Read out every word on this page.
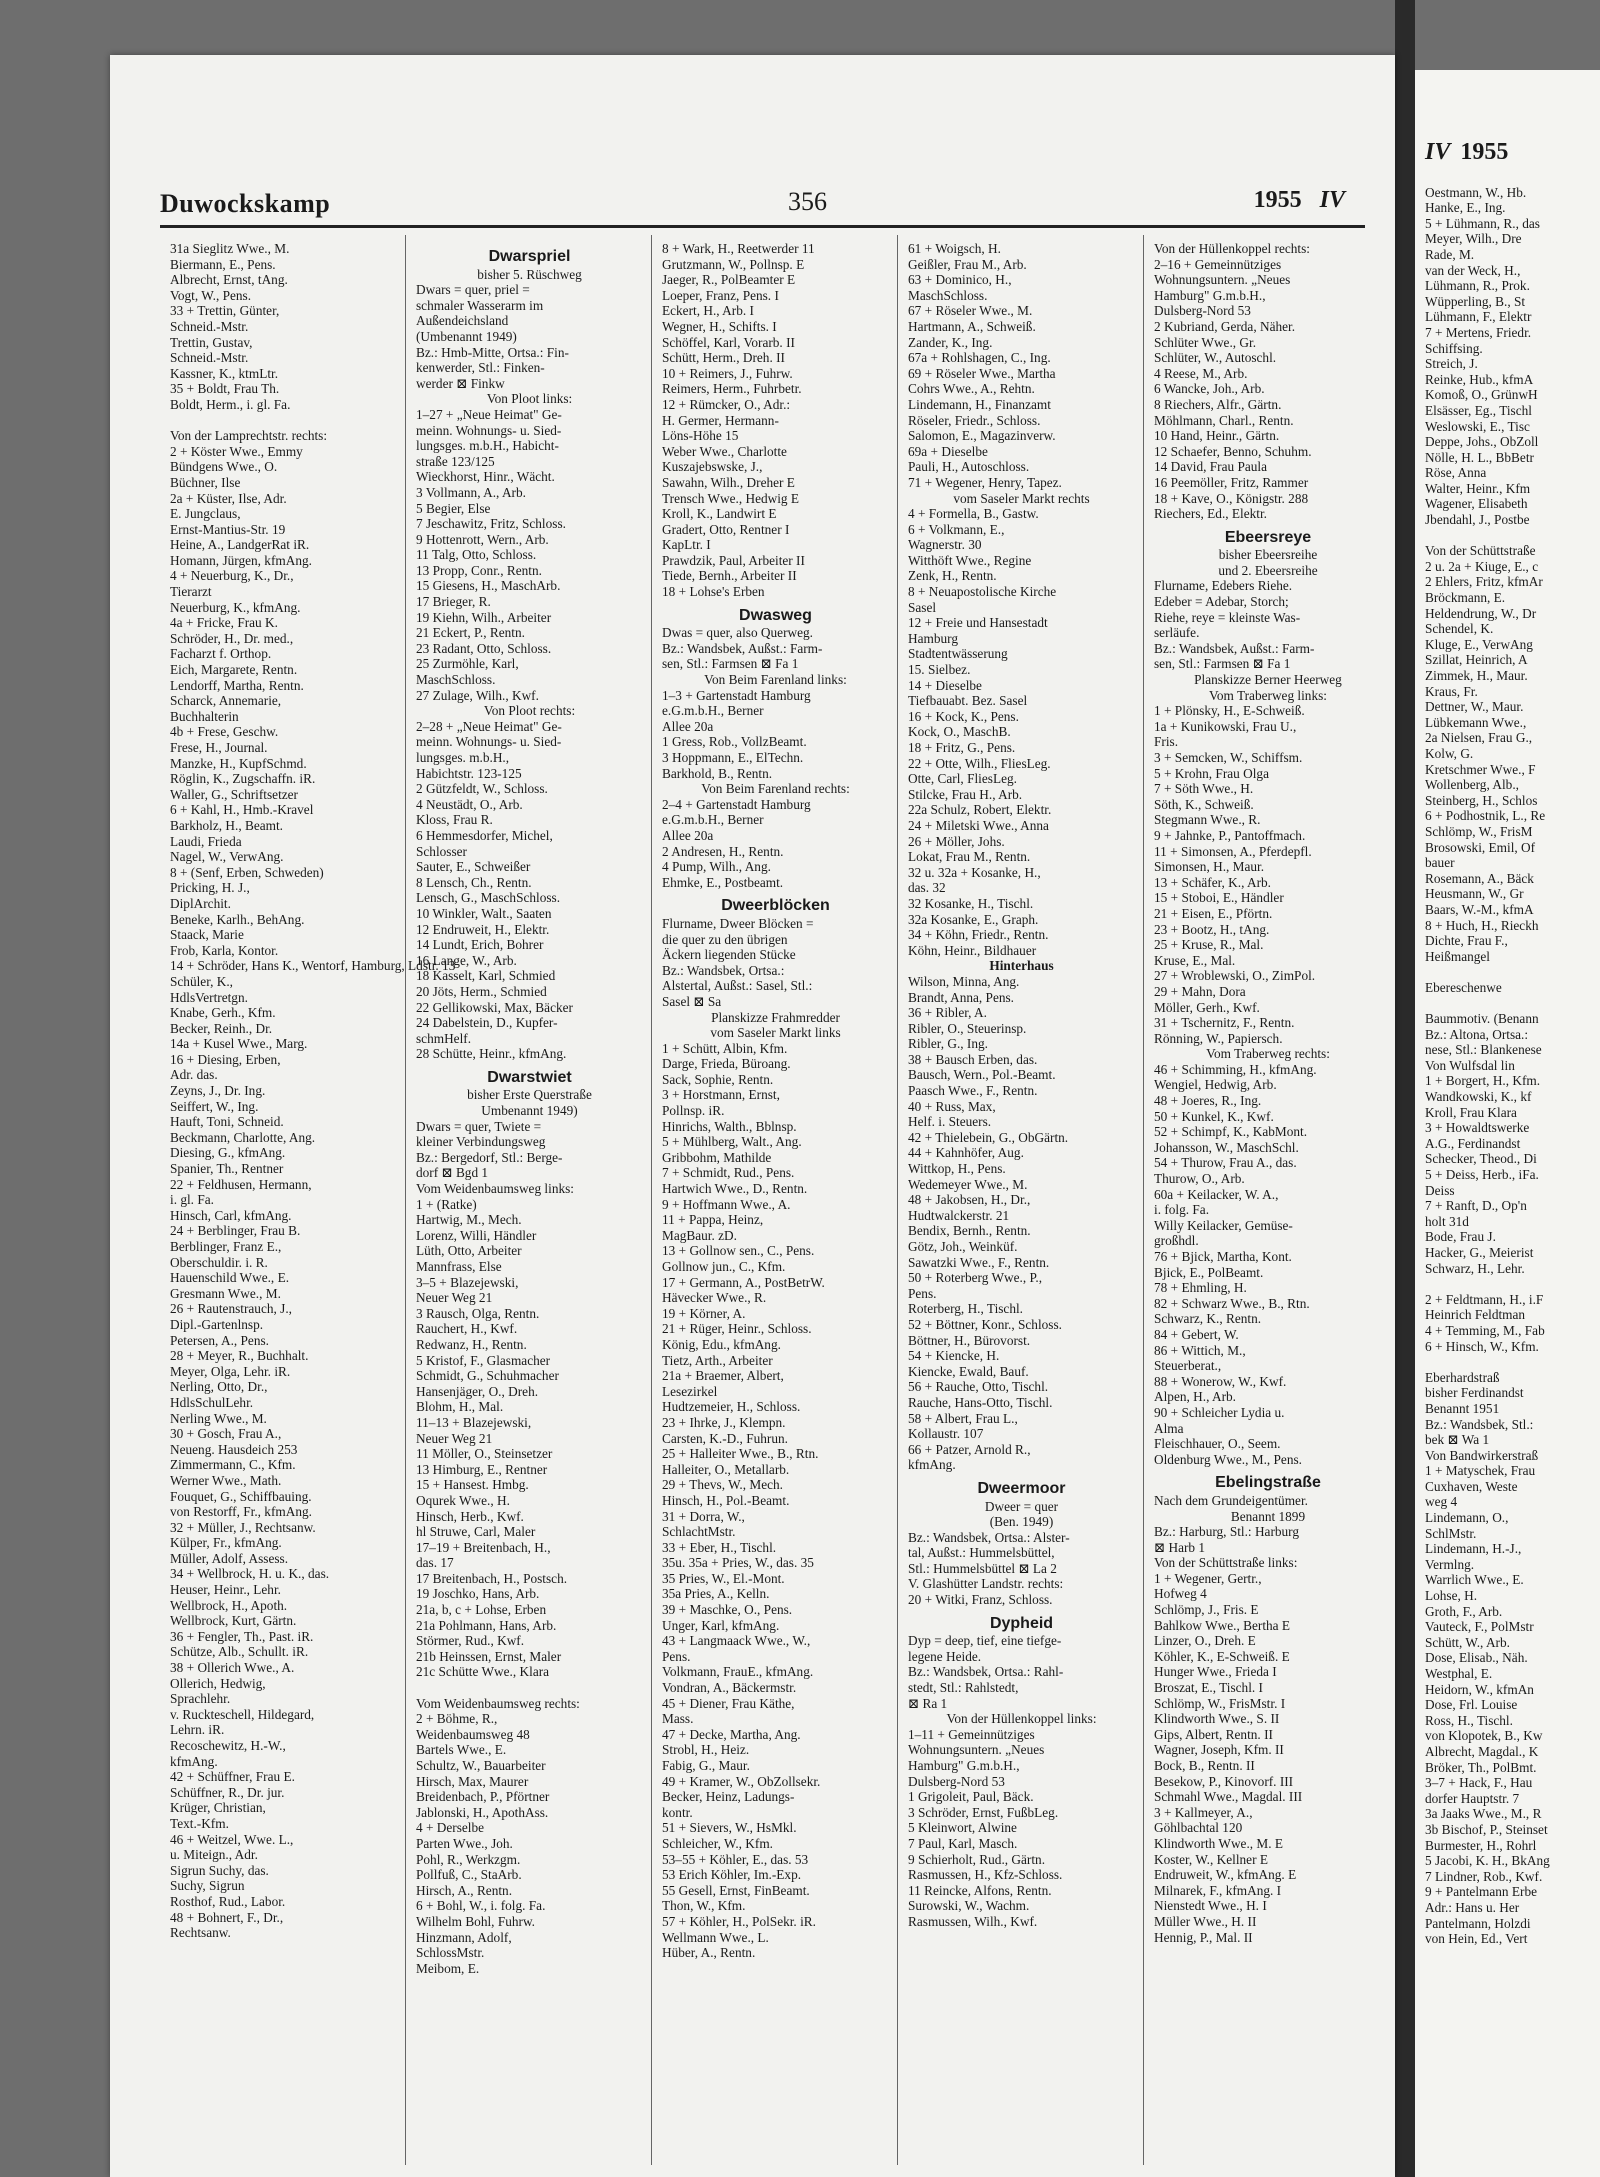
Duwockskamp	356	1955 IV
31a Sieglitz Wwe., M.
Biermann, E., Pens.
Albrecht, Ernst, tAng.
Vogt, W., Pens.
33 + Trettin, Günter,
Schneid.-Mstr.
Trettin, Gustav,
Schneid.-Mstr.
Kassner, K., ktmLtr.
35 + Boldt, Frau Th.
Boldt, Herm., i. gl. Fa.

Von der Lamprechtstr. rechts:
2 + Köster Wwe., Emmy
Bündgens Wwe., O.
Büchner, Ilse
2a + Küster, Ilse, Adr.
E. Jungclaus,
Ernst-Mantius-Str. 19
Heine, A., LandgerRat iR.
Homann, Jürgen, kfmAng.
4 + Neuerburg, K., Dr.,
Tierarzt
Neuerburg, K., kfmAng.
4a + Fricke, Frau K.
Schröder, H., Dr. med.,
Facharzt f. Orthop.
Eich, Margarete, Rentn.
Lendorff, Martha, Rentn.
Scharck, Annemarie,
Buchhalterin
4b + Frese, Geschw.
Frese, H., Journal.
Manzke, H., KupfSchmd.
Röglin, K., Zugschaffn. iR.
Waller, G., Schriftsetzer
6 + Kahl, H., Hmb.-Kravel
Barkholz, H., Beamt.
Laudi, Frieda
Nagel, W., VerwAng.
8 + (Senf, Erben, Schweden)
Pricking, H. J.,
DiplArchit.
Beneke, Karlh., BehAng.
Staack, Marie
Frob, Karla, Kontor.
14 + Schröder, Hans K., Wentorf, Hamburg, Ldstr. 13
Schüler, K.,
HdlsVertretgn.
Knabe, Gerh., Kfm.
Becker, Reinh., Dr.
14a + Kusel Wwe., Marg.
16 + Diesing, Erben,
Adr. das.
Zeyns, J., Dr. Ing.
Seiffert, W., Ing.
Hauft, Toni, Schneid.
Beckmann, Charlotte, Ang.
Diesing, G., kfmAng.
Spanier, Th., Rentner
22 + Feldhusen, Hermann,
i. gl. Fa.
Hinsch, Carl, kfmAng.
24 + Berblinger, Frau B.
Berblinger, Franz E.,
Oberschuldir. i. R.
Hauenschild Wwe., E.
Gresmann Wwe., M.
26 + Rautenstrauch, J.,
Dipl.-Gartenlnsp.
Petersen, A., Pens.
28 + Meyer, R., Buchhalt.
Meyer, Olga, Lehr. iR.
Nerling, Otto, Dr.,
HdlsSchulLehr.
Nerling Wwe., M.
30 + Gosch, Frau A.,
Neueng. Hausdeich 253
Zimmermann, C., Kfm.
Werner Wwe., Math.
Fouquet, G., Schiffbauing.
von Restorff, Fr., kfmAng.
32 + Müller, J., Rechtsanw.
Külper, Fr., kfmAng.
Müller, Adolf, Assess.
34 + Wellbrock, H. u. K., das.
Heuser, Heinr., Lehr.
Wellbrock, H., Apoth.
Wellbrock, Kurt, Gärtn.
36 + Fengler, Th., Past. iR.
Schütze, Alb., Schullt. iR.
38 + Ollerich Wwe., A.
Ollerich, Hedwig,
Sprachlehr.
v. Ruckteschell, Hildegard,
Lehrn. iR.
Recoschewitz, H.-W.,
kfmAng.
42 + Schüffner, Frau E.
Schüffner, R., Dr. jur.
Krüger, Christian,
Text.-Kfm.
46 + Weitzel, Wwe. L.,
u. Miteign., Adr.
Sigrun Suchy, das.
Suchy, Sigrun
Rosthof, Rud., Labor.
48 + Bohnert, F., Dr.,
Rechtsanw.
Dwarspriel
bisher 5. Rüschweg
Dwars = quer, priel =
schmaler Wasserarm im
Außendeichsland
(Umbenannt 1949)
Bz.: Hmb-Mitte, Ortsa.: Fin-
kenwerder, Stl.: Finken-
werder ⊠ Finkw
Von Ploot links:
1–27 + „Neue Heimat" Ge-
meinn. Wohnungs- u. Sied-
lungsges. m.b.H., Habicht-
straße 123/125
Wieckhorst, Hinr., Wächt.
3 Vollmann, A., Arb.
5 Begier, Else
7 Jeschawitz, Fritz, Schloss.
9 Hottenrott, Wern., Arb.
11 Talg, Otto, Schloss.
13 Propp, Conr., Rentn.
15 Giesens, H., MaschArb.
17 Brieger, R.
19 Kiehn, Wilh., Arbeiter
21 Eckert, P., Rentn.
23 Radant, Otto, Schloss.
25 Zurmöhle, Karl,
MaschSchloss.
27 Zulage, Wilh., Kwf.
Von Ploot rechts:
2–28 + „Neue Heimat" Ge-
meinn. Wohnungs- u. Sied-
lungsges. m.b.H.,
Habichtstr. 123-125
2 Gützfeldt, W., Schloss.
4 Neustädt, O., Arb.
Kloss, Frau R.
6 Hemmesdorfer, Michel,
Schlosser
Sauter, E., Schweißer
8 Lensch, Ch., Rentn.
Lensch, G., MaschSchloss.
10 Winkler, Walt., Saaten
12 Endruweit, H., Elektr.
14 Lundt, Erich, Bohrer
16 Lange, W., Arb.
18 Kasselt, Karl, Schmied
20 Jöts, Herm., Schmied
22 Gellikowski, Max, Bäcker
24 Dabelstein, D., Kupfer-
schmHelf.
28 Schütte, Heinr., kfmAng.
Dwarstwiet
bisher Erste Querstraße
Umbenannt 1949)
Dwars = quer, Twiete =
kleiner Verbindungsweg
Bz.: Bergedorf, Stl.: Berge-
dorf ⊠ Bgd 1
Vom Weidenbaumsweg links:
1 + (Ratke)
Hartwig, M., Mech.
Lorenz, Willi, Händler
Lüth, Otto, Arbeiter
Mannfrass, Else
3–5 + Blazejewski,
Neuer Weg 21
3 Rausch, Olga, Rentn.
Rauchert, H., Kwf.
Redwanz, H., Rentn.
5 Kristof, F., Glasmacher
Schmidt, G., Schuhmacher
Hansenjäger, O., Dreh.
Blohm, H., Mal.
11–13 + Blazejewski,
Neuer Weg 21
11 Möller, O., Steinsetzer
13 Himburg, E., Rentner
15 + Hansest. Hmbg.
Oqurek Wwe., H.
Hinsch, Herb., Kwf.
hl Struwe, Carl, Maler
17–19 + Breitenbach, H.,
das. 17
17 Breitenbach, H., Postsch.
19 Joschko, Hans, Arb.
21a, b, c + Lohse, Erben
21a Pohlmann, Hans, Arb.
Störmer, Rud., Kwf.
21b Heinssen, Ernst, Maler
21c Schütte Wwe., Klara

Vom Weidenbaumsweg rechts:
2 + Böhme, R.,
Weidenbaumsweg 48
Bartels Wwe., E.
Schultz, W., Bauarbeiter
Hirsch, Max, Maurer
Breidenbach, P., Pförtner
Jablonski, H., ApothAss.
4 + Derselbe
Parten Wwe., Joh.
Pohl, R., Werkzgm.
Pollfuß, C., StaArb.
Hirsch, A., Rentn.
6 + Bohl, W., i. folg. Fa.
Wilhelm Bohl, Fuhrw.
Hinzmann, Adolf,
SchlossMstr.
Meibom, E.
8 + Wark, H., Reetwerder 11
Grutzmann, W., Pollnsp. E
Jaeger, R., PolBeamter E
Loeper, Franz, Pens. I
Eckert, H., Arb. I
Wegner, H., Schifts. I
Schöffel, Karl, Vorarb. II
Schütt, Herm., Dreh. II
10 + Reimers, J., Fuhrw.
Reimers, Herm., Fuhrbetr.
12 + Rümcker, O., Adr.:
H. Germer, Hermann-
Löns-Höhe 15
Weber Wwe., Charlotte
Kuszajebswske, J.,
Sawahn, Wilh., Dreher E
Trensch Wwe., Hedwig E
Kroll, K., Landwirt E
Gradert, Otto, Rentner I
KapLtr. I
Prawdzik, Paul, Arbeiter II
Tiede, Bernh., Arbeiter II
18 + Lohse's Erben
Dwasweg
Dwas = quer, also Querweg.
Bz.: Wandsbek, Außst.: Farm-
sen, Stl.: Farmsen ⊠ Fa 1
Von Beim Farenland links:
1–3 + Gartenstadt Hamburg
e.G.m.b.H., Berner
Allee 20a
1 Gress, Rob., VollzBeamt.
3 Hoppmann, E., ElTechn.
Barkhold, B., Rentn.
Von Beim Farenland rechts:
2–4 + Gartenstadt Hamburg
e.G.m.b.H., Berner
Allee 20a
2 Andresen, H., Rentn.
4 Pump, Wilh., Ang.
Ehmke, E., Postbeamt.
Dweerblöcken
Flurname, Dweer Blöcken =
die quer zu den übrigen
Äckern liegenden Stücke
Bz.: Wandsbek, Ortsa.:
Alstertal, Außst.: Sasel, Stl.:
Sasel ⊠ Sa
Planskizze Frahmredder
vom Saseler Markt links
1 + Schütt, Albin, Kfm.
Darge, Frieda, Büroang.
Sack, Sophie, Rentn.
3 + Horstmann, Ernst,
Pollnsp. iR.
Hinrichs, Walth., Bblnsp.
5 + Mühlberg, Walt., Ang.
Gribbohm, Mathilde
7 + Schmidt, Rud., Pens.
Hartwich Wwe., D., Rentn.
9 + Hoffmann Wwe., A.
11 + Pappa, Heinz,
MagBaur. zD.
13 + Gollnow sen., C., Pens.
Gollnow jun., C., Kfm.
17 + Germann, A., PostBetrW.
Hävecker Wwe., R.
19 + Körner, A.
21 + Rüger, Heinr., Schloss.
König, Edu., kfmAng.
Tietz, Arth., Arbeiter
21a + Braemer, Albert,
Lesezirkel
Hudtzemeier, H., Schloss.
23 + Ihrke, J., Klempn.
Carsten, K.-D., Fuhrun.
25 + Halleiter Wwe., B., Rtn.
Halleiter, O., Metallarb.
29 + Thevs, W., Mech.
Hinsch, H., Pol.-Beamt.
31 + Dorra, W.,
SchlachtMstr.
33 + Eber, H., Tischl.
35u. 35a + Pries, W., das. 35
35 Pries, W., El.-Mont.
35a Pries, A., Kelln.
39 + Maschke, O., Pens.
Unger, Karl, kfmAng.
43 + Langmaack Wwe., W.,
Pens.
Volkmann, FrauE., kfmAng.
Vondran, A., Bäckermstr.
45 + Diener, Frau Käthe,
Mass.
47 + Decke, Martha, Ang.
Strobl, H., Heiz.
Fabig, G., Maur.
49 + Kramer, W., ObZollsekr.
Becker, Heinz, Ladungs-
kontr.
51 + Sievers, W., HsMkl.
Schleicher, W., Kfm.
53–55 + Köhler, E., das. 53
53 Erich Köhler, Im.-Exp.
55 Gesell, Ernst, FinBeamt.
Thon, W., Kfm.
57 + Köhler, H., PolSekr. iR.
Wellmann Wwe., L.
Hüber, A., Rentn.
61 + Woigsch, H.
Geißler, Frau M., Arb.
63 + Dominico, H.,
MaschSchloss.
67 + Röseler Wwe., M.
Hartmann, A., Schweiß.
Zander, K., Ing.
67a + Rohlshagen, C., Ing.
69 + Röseler Wwe., Martha
Cohrs Wwe., A., Rehtn.
Lindemann, H., Finanzamt
Röseler, Friedr., Schloss.
Salomon, E., Magazinverw.
69a + Dieselbe
Pauli, H., Autoschloss.
71 + Wegener, Henry, Tapez.
vom Saseler Markt rechts
4 + Formella, B., Gastw.
6 + Volkmann, E.,
Wagnerstr. 30
Witthöft Wwe., Regine
Zenk, H., Rentn.
8 + Neuapostolische Kirche
Sasel
12 + Freie und Hansestadt
Hamburg
Stadtentwässerung
15. Sielbez.
14 + Dieselbe
Tiefbauabt. Bez. Sasel
16 + Kock, K., Pens.
Kock, O., MaschB.
18 + Fritz, G., Pens.
22 + Otte, Wilh., FliesLeg.
Otte, Carl, FliesLeg.
Stilcke, Frau H., Arb.
22a Schulz, Robert, Elektr.
24 + Miletski Wwe., Anna
26 + Möller, Johs.
Lokat, Frau M., Rentn.
32 u. 32a + Kosanke, H.,
das. 32
32 Kosanke, H., Tischl.
32a Kosanke, E., Graph.
34 + Köhn, Friedr., Rentn.
Köhn, Heinr., Bildhauer
Hinterhaus
Wilson, Minna, Ang.
Brandt, Anna, Pens.
36 + Ribler, A.
Ribler, O., Steuerinsp.
Ribler, G., Ing.
38 + Bausch Erben, das.
Bausch, Wern., Pol.-Beamt.
Paasch Wwe., F., Rentn.
40 + Russ, Max,
Helf. i. Steuers.
42 + Thielebein, G., ObGärtn.
44 + Kahnhöfer, Aug.
Wittkop, H., Pens.
Wedemeyer Wwe., M.
48 + Jakobsen, H., Dr.,
Hudtwalckerstr. 21
Bendix, Bernh., Rentn.
Götz, Joh., Weinküf.
Sawatzki Wwe., F., Rentn.
50 + Roterberg Wwe., P.,
Pens.
Roterberg, H., Tischl.
52 + Böttner, Konr., Schloss.
Böttner, H., Bürovorst.
54 + Kiencke, H.
Kiencke, Ewald, Bauf.
56 + Rauche, Otto, Tischl.
Rauche, Hans-Otto, Tischl.
58 + Albert, Frau L.,
Kollaustr. 107
66 + Patzer, Arnold R.,
kfmAng.
Dweermoor
Dweer = quer
(Ben. 1949)
Bz.: Wandsbek, Ortsa.: Alster-
tal, Außst.: Hummelsbüttel,
Stl.: Hummelsbüttel ⊠ La 2
V. Glashütter Landstr. rechts:
20 + Witki, Franz, Schloss.
Dypheid
Dyp = deep, tief, eine tiefge-
legene Heide.
Bz.: Wandsbek, Ortsa.: Rahl-
stedt, Stl.: Rahlstedt,
⊠ Ra 1
Von der Hüllenkoppel links:
1–11 + Gemeinnütziges
Wohnungsuntern. „Neues
Hamburg" G.m.b.H.,
Dulsberg-Nord 53
1 Grigoleit, Paul, Bäck.
3 Schröder, Ernst, FußbLeg.
5 Kleinwort, Alwine
7 Paul, Karl, Masch.
9 Schierholt, Rud., Gärtn.
Rasmussen, H., Kfz-Schloss.
11 Reincke, Alfons, Rentn.
Surowski, W., Wachm.
Rasmussen, Wilh., Kwf.
Von der Hüllenkoppel rechts:
2–16 + Gemeinnütziges
Wohnungsuntern. „Neues
Hamburg" G.m.b.H.,
Dulsberg-Nord 53
2 Kubriand, Gerda, Näher.
Schlüter Wwe., Gr.
Schlüter, W., Autoschl.
4 Reese, M., Arb.
6 Wancke, Joh., Arb.
8 Riechers, Alfr., Gärtn.
Möhlmann, Charl., Rentn.
10 Hand, Heinr., Gärtn.
12 Schaefer, Benno, Schuhm.
14 David, Frau Paula
16 Peemöller, Fritz, Rammer
18 + Kave, O., Königstr. 288
Riechers, Ed., Elektr.
Ebeersreye
bisher Ebeersreihe
und 2. Ebeersreihe
Flurname, Edebers Riehe.
Edeber = Adebar, Storch;
Riehe, reye = kleinste Was-
serläufe.
Bz.: Wandsbek, Außst.: Farm-
sen, Stl.: Farmsen ⊠ Fa 1
Planskizze Berner Heerweg
Vom Traberweg links:
1 + Plönsky, H., E-Schweiß.
1a + Kunikowski, Frau U.,
Fris.
3 + Semcken, W., Schiffsm.
5 + Krohn, Frau Olga
7 + Söth Wwe., H.
Söth, K., Schweiß.
Stegmann Wwe., R.
9 + Jahnke, P., Pantoffmach.
11 + Simonsen, A., Pferdepfl.
Simonsen, H., Maur.
13 + Schäfer, K., Arb.
15 + Stoboi, E., Händler
21 + Eisen, E., Pförtn.
23 + Bootz, H., tAng.
25 + Kruse, R., Mal.
Kruse, E., Mal.
27 + Wroblewski, O., ZimPol.
29 + Mahn, Dora
Möller, Gerh., Kwf.
31 + Tschernitz, F., Rentn.
Rönning, W., Papiersch.
Vom Traberweg rechts:
46 + Schimming, H., kfmAng.
Wengiel, Hedwig, Arb.
48 + Joeres, R., Ing.
50 + Kunkel, K., Kwf.
52 + Schimpf, K., KabMont.
Johansson, W., MaschSchl.
54 + Thurow, Frau A., das.
Thurow, O., Arb.
60a + Keilacker, W. A.,
i. folg. Fa.
Willy Keilacker, Gemüse-
großhdl.
76 + Bjick, Martha, Kont.
Bjick, E., PolBeamt.
78 + Ehmling, H.
82 + Schwarz Wwe., B., Rtn.
Schwarz, K., Rentn.
84 + Gebert, W.
86 + Wittich, M.,
Steuerberat.,
88 + Wonerow, W., Kwf.
Alpen, H., Arb.
90 + Schleicher Lydia u.
Alma
Fleischhauer, O., Seem.
Oldenburg Wwe., M., Pens.
Ebelingstraße
Nach dem Grundeigentümer.
Benannt 1899
Bz.: Harburg, Stl.: Harburg
⊠ Harb 1
Von der Schüttstraße links:
1 + Wegener, Gertr.,
Hofweg 4
Schlömp, J., Fris. E
Bahlkow Wwe., Bertha E
Linzer, O., Dreh. E
Köhler, K., E-Schweiß. E
Hunger Wwe., Frieda I
Broszat, E., Tischl. I
Schlömp, W., FrisMstr. I
Klindworth Wwe., S. II
Gips, Albert, Rentn. II
Wagner, Joseph, Kfm. II
Bock, B., Rentn. II
Besekow, P., Kinovorf. III
Schmahl Wwe., Magdal. III
3 + Kallmeyer, A.,
Göhlbachtal 120
Klindworth Wwe., M. E
Koster, W., Kellner E
Endruweit, W., kfmAng. E
Milnarek, F., kfmAng. I
Nienstedt Wwe., H. I
Müller Wwe., H. II
Hennig, P., Mal. II
IV 1955
Oestmann, W., Hb.
Hanke, E., Ing.
5 + Lühmann, R., das
Meyer, Wilh., Dre
Rade, M.
van der Weck, H.,
Lühmann, R., Prok.
Wüpperling, B., St
Lühmann, F., Elektr
7 + Mertens, Friedr.
Schiffsing.
Streich, J.
Reinke, Hub., kfmA
Komoß, O., GrünwH
Elsässer, Eg., Tischl
Weslowski, E., Tisc
Deppe, Johs., ObZoll
Nölle, H. L., BbBetr
Röse, Anna
Walter, Heinr., Kfm
Wagener, Elisabeth
Jbendahl, J., Postbe

Von der Schüttstraße
2 u. 2a + Kiuge, E., c
2 Ehlers, Fritz, kfmAr
Bröckmann, E.
Heldendrung, W., Dr
Schendel, K.
Kluge, E., VerwAng
Szillat, Heinrich, A
Zimmek, H., Maur.
Kraus, Fr.
Dettner, W., Maur.
Lübkemann Wwe.,
2a Nielsen, Frau G.,
Kolw, G.
Kretschmer Wwe., F
Wollenberg, Alb.,
Steinberg, H., Schlos
6 + Podhostnik, L., Re
Schlömp, W., FrisM
Brosowski, Emil, Of
bauer
Rosemann, A., Bäck
Heusmann, W., Gr
Baars, W.-M., kfmA
8 + Huch, H., Rieckh
Dichte, Frau F.,
Heißmangel

Ebereschenwe

Baummotiv. (Benann
Bz.: Altona, Ortsa.:
nese, Stl.: Blankenese
Von Wulfsdal lin
1 + Borgert, H., Kfm.
Wandkowski, K., kf
Kroll, Frau Klara
3 + Howaldtswerke
A.G., Ferdinandst
Schecker, Theod., Di
5 + Deiss, Herb., iFa.
Deiss
7 + Ranft, D., Op'n
holt 31d
Bode, Frau J.
Hacker, G., Meierist
Schwarz, H., Lehr.

2 + Feldtmann, H., i.F
Heinrich Feldtman
4 + Temming, M., Fab
6 + Hinsch, W., Kfm.

Eberhardstraß
bisher Ferdinandst
Benannt 1951
Bz.: Wandsbek, Stl.:
bek ⊠ Wa 1
Von Bandwirkerstraß
1 + Matyschek, Frau
Cuxhaven, Weste
weg 4
Lindemann, O.,
SchlMstr.
Lindemann, H.-J.,
Vermlng.
Warrlich Wwe., E.
Lohse, H.
Groth, F., Arb.
Vauteck, F., PolMstr
Schütt, W., Arb.
Dose, Elisab., Näh.
Westphal, E.
Heidorn, W., kfmAn
Dose, Frl. Louise
Ross, H., Tischl.
von Klopotek, B., Kw
Albrecht, Magdal., K
Bröker, Th., PolBmt.
3–7 + Hack, F., Hau
dorfer Hauptstr. 7
3a Jaaks Wwe., M., R
3b Bischof, P., Steinset
Burmester, H., Rohrl
5 Jacobi, K. H., BkAng
7 Lindner, Rob., Kwf.
9 + Pantelmann Erbe
Adr.: Hans u. Her
Pantelmann, Holzdi
von Hein, Ed., Vert
